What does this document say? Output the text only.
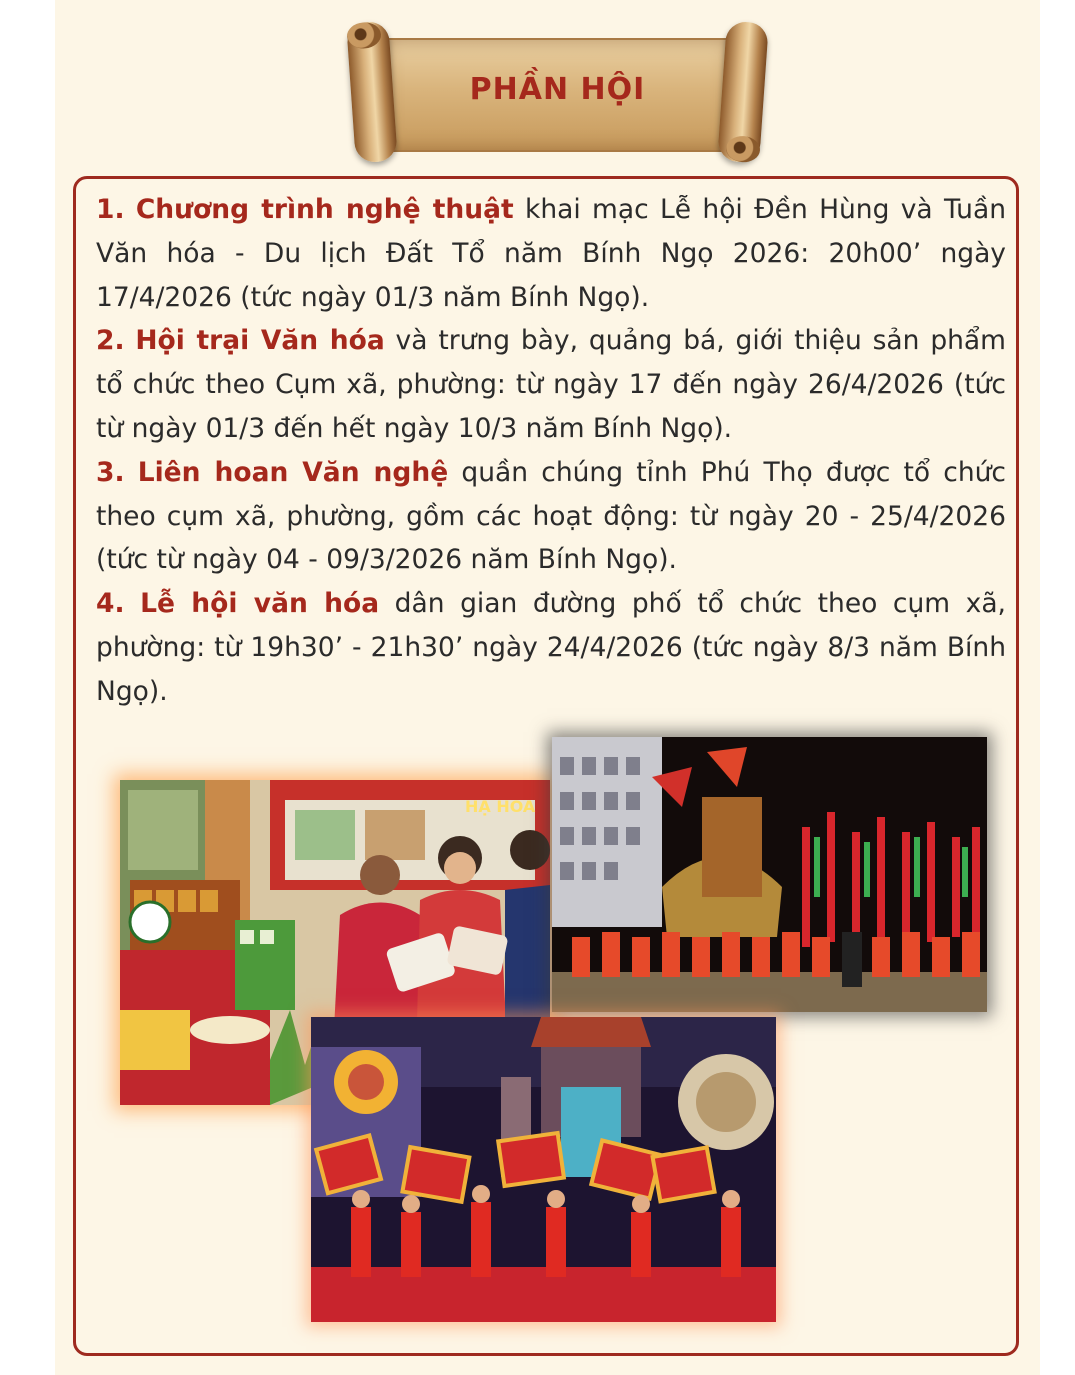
PHẦN HỘI

1. Chương trình nghệ thuật khai mạc Lễ hội Đền Hùng và Tuần Văn hóa - Du lịch Đất Tổ năm Bính Ngọ 2026: 20h00’ ngày 17/4/2026 (tức ngày 01/3 năm Bính Ngọ).

2. Hội trại Văn hóa và trưng bày, quảng bá, giới thiệu sản phẩm tổ chức theo Cụm xã, phường: từ ngày 17 đến ngày 26/4/2026 (tức từ ngày 01/3 đến hết ngày 10/3 năm Bính Ngọ).

3. Liên hoan Văn nghệ quần chúng tỉnh Phú Thọ được tổ chức theo cụm xã, phường, gồm các hoạt động: từ ngày 20 - 25/4/2026 (tức từ ngày 04 - 09/3/2026 năm Bính Ngọ).

4. Lễ hội văn hóa dân gian đường phố tổ chức theo cụm xã, phường: từ 19h30’ - 21h30’ ngày 24/4/2026 (tức ngày 8/3 năm Bính Ngọ).

HẠ HOA
